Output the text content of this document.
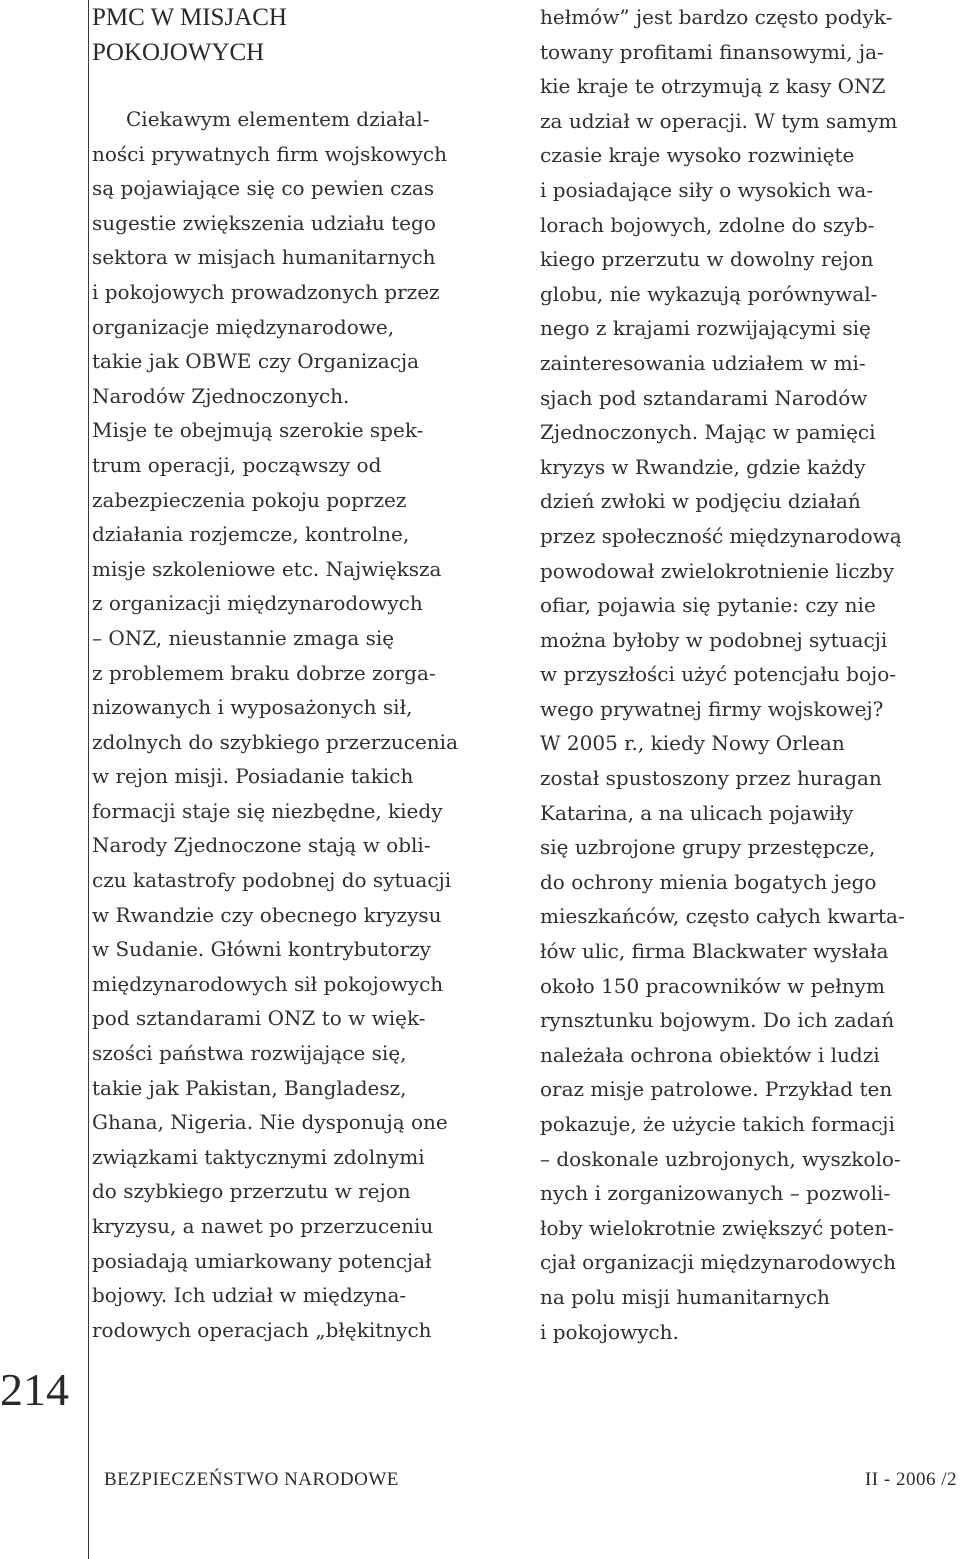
PMC W MISJACH
POKOJOWYCH
Ciekawym elementem działal-
ności prywatnych firm wojskowych
są pojawiające się co pewien czas
sugestie zwiększenia udziału tego
sektora w misjach humanitarnych
i pokojowych prowadzonych przez
organizacje międzynarodowe,
takie jak OBWE czy Organizacja
Narodów Zjednoczonych.
Misje te obejmują szerokie spek-
trum operacji, począwszy od
zabezpieczenia pokoju poprzez
działania rozjemcze, kontrolne,
misje szkoleniowe etc. Największa
z organizacji międzynarodowych
– ONZ, nieustannie zmaga się
z problemem braku dobrze zorga-
nizowanych i wyposażonych sił,
zdolnych do szybkiego przerzucenia
w rejon misji. Posiadanie takich
formacji staje się niezbędne, kiedy
Narody Zjednoczone stają w obli-
czu katastrofy podobnej do sytuacji
w Rwandzie czy obecnego kryzysu
w Sudanie. Główni kontrybutorzy
międzynarodowych sił pokojowych
pod sztandarami ONZ to w więk-
szości państwa rozwijające się,
takie jak Pakistan, Bangladesz,
Ghana, Nigeria. Nie dysponują one
związkami taktycznymi zdolnymi
do szybkiego przerzutu w rejon
kryzysu, a nawet po przerzuceniu
posiadają umiarkowany potencjał
bojowy. Ich udział w międzyna-
rodowych operacjach „błękitnych
hełmów” jest bardzo często podyk-
towany profitami finansowymi, ja-
kie kraje te otrzymują z kasy ONZ
za udział w operacji. W tym samym
czasie kraje wysoko rozwinięte
i posiadające siły o wysokich wa-
lorach bojowych, zdolne do szyb-
kiego przerzutu w dowolny rejon
globu, nie wykazują porównywal-
nego z krajami rozwijającymi się
zainteresowania udziałem w mi-
sjach pod sztandarami Narodów
Zjednoczonych. Mając w pamięci
kryzys w Rwandzie, gdzie każdy
dzień zwłoki w podjęciu działań
przez społeczność międzynarodową
powodował zwielokrotnienie liczby
ofiar, pojawia się pytanie: czy nie
można byłoby w podobnej sytuacji
w przyszłości użyć potencjału bojo-
wego prywatnej firmy wojskowej?
W 2005 r., kiedy Nowy Orlean
został spustoszony przez huragan
Katarina, a na ulicach pojawiły
się uzbrojone grupy przestępcze,
do ochrony mienia bogatych jego
mieszkańców, często całych kwarta-
łów ulic, firma Blackwater wysłała
około 150 pracowników w pełnym
rynsztunku bojowym. Do ich zadań
należała ochrona obiektów i ludzi
oraz misje patrolowe. Przykład ten
pokazuje, że użycie takich formacji
– doskonale uzbrojonych, wyszkolo-
nych i zorganizowanych – pozwoli-
łoby wielokrotnie zwiększyć poten-
cjał organizacji międzynarodowych
na polu misji humanitarnych
i pokojowych.
214
BEZPIECZEŃSTWO NARODOWE	II - 2006 /2
